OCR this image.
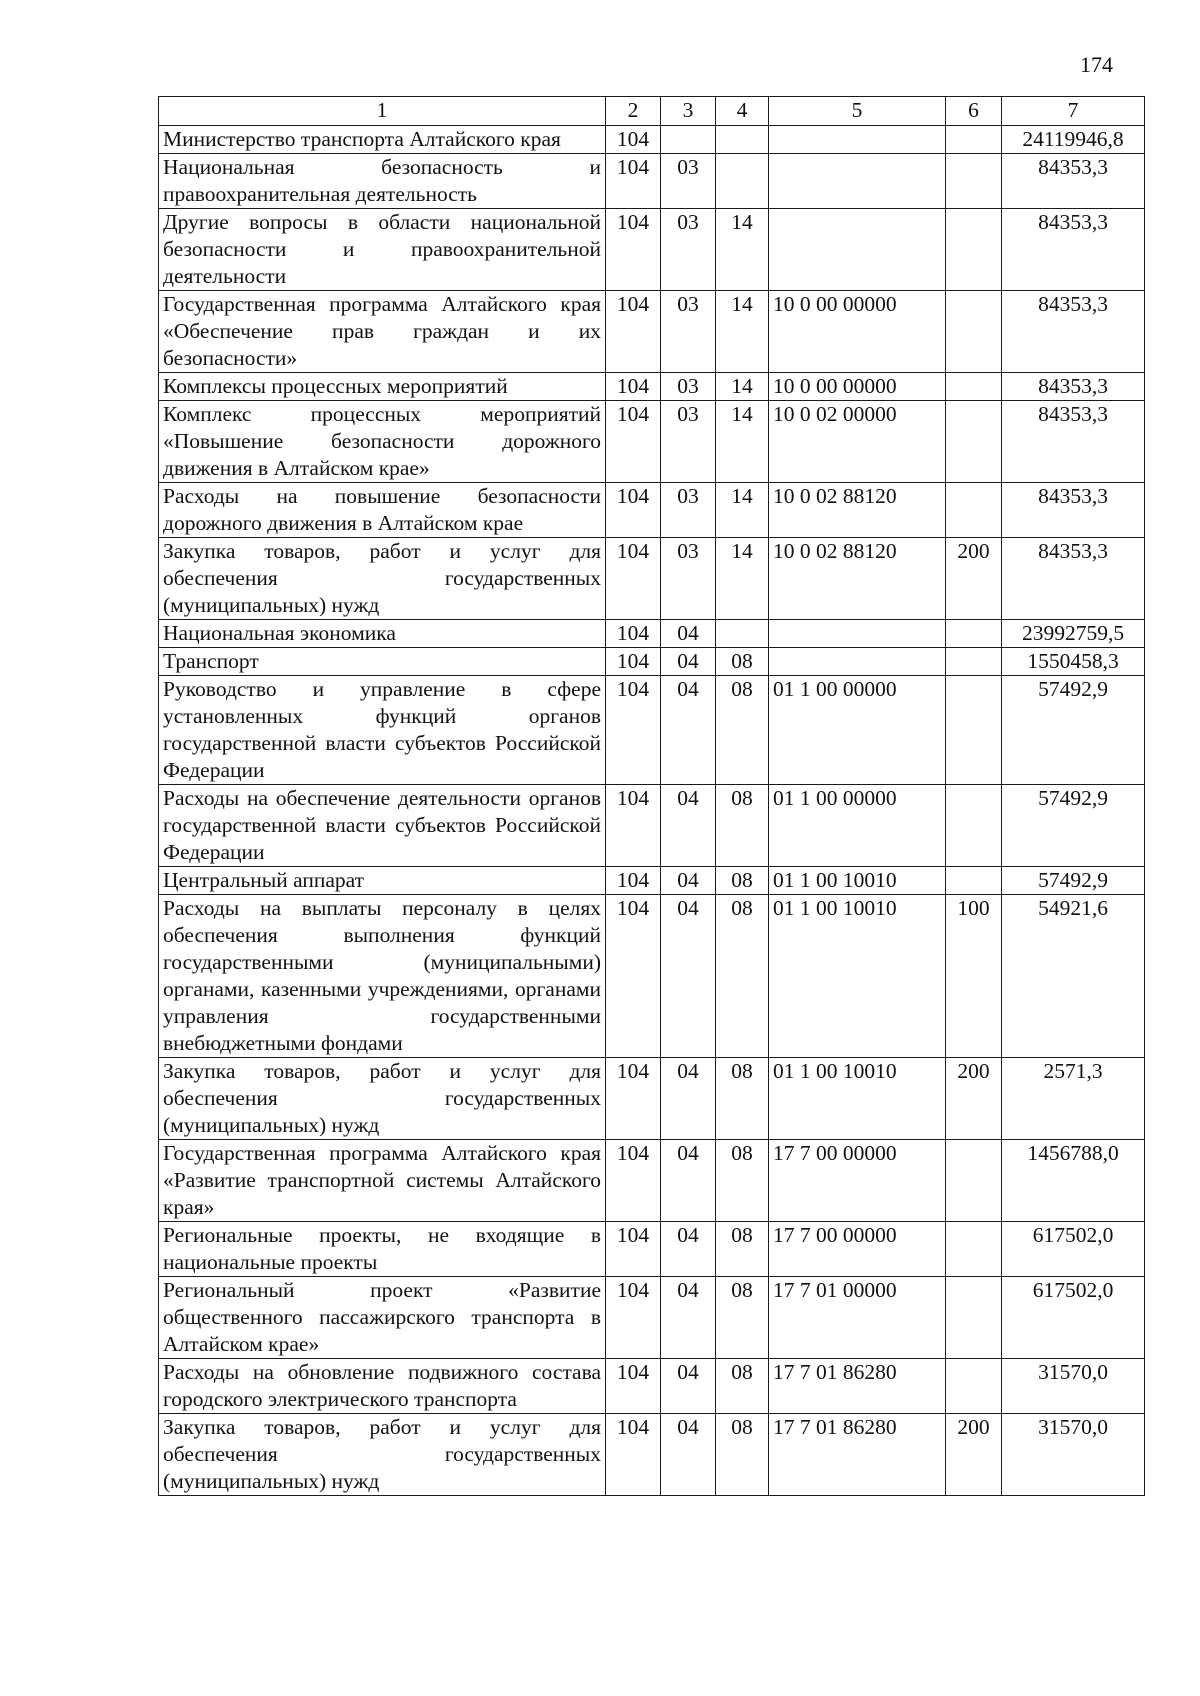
174
1	2	3	4	5	6	7
Министерство транспорта Алтайского края	104					24119946,8
Национальная безопасность и правоохранительная деятельность	104	03				84353,3
Другие вопросы в области национальной безопасности и правоохранительной деятельности	104	03	14			84353,3
Государственная программа Алтайского края «Обеспечение прав граждан и их безопасности»	104	03	14	10 0 00 00000		84353,3
Комплексы процессных мероприятий	104	03	14	10 0 00 00000		84353,3
Комплекс процессных мероприятий «Повышение безопасности дорожного движения в Алтайском крае»	104	03	14	10 0 02 00000		84353,3
Расходы на повышение безопасности дорожного движения в Алтайском крае	104	03	14	10 0 02 88120		84353,3
Закупка товаров, работ и услуг для обеспечения государственных (муниципальных) нужд	104	03	14	10 0 02 88120	200	84353,3
Национальная экономика	104	04				23992759,5
Транспорт	104	04	08			1550458,3
Руководство и управление в сфере установленных функций органов государственной власти субъектов Российской Федерации	104	04	08	01 1 00 00000		57492,9
Расходы на обеспечение деятельности органов государственной власти субъектов Российской Федерации	104	04	08	01 1 00 00000		57492,9
Центральный аппарат	104	04	08	01 1 00 10010		57492,9
Расходы на выплаты персоналу в целях обеспечения выполнения функций государственными (муниципальными) органами, казенными учреждениями, органами управления государственными внебюджетными фондами	104	04	08	01 1 00 10010	100	54921,6
Закупка товаров, работ и услуг для обеспечения государственных (муниципальных) нужд	104	04	08	01 1 00 10010	200	2571,3
Государственная программа Алтайского края «Развитие транспортной системы Алтайского края»	104	04	08	17 7 00 00000		1456788,0
Региональные проекты, не входящие в национальные проекты	104	04	08	17 7 00 00000		617502,0
Региональный проект «Развитие общественного пассажирского транспорта в Алтайском крае»	104	04	08	17 7 01 00000		617502,0
Расходы на обновление подвижного состава городского электрического транспорта	104	04	08	17 7 01 86280		31570,0
Закупка товаров, работ и услуг для обеспечения государственных (муниципальных) нужд	104	04	08	17 7 01 86280	200	31570,0
